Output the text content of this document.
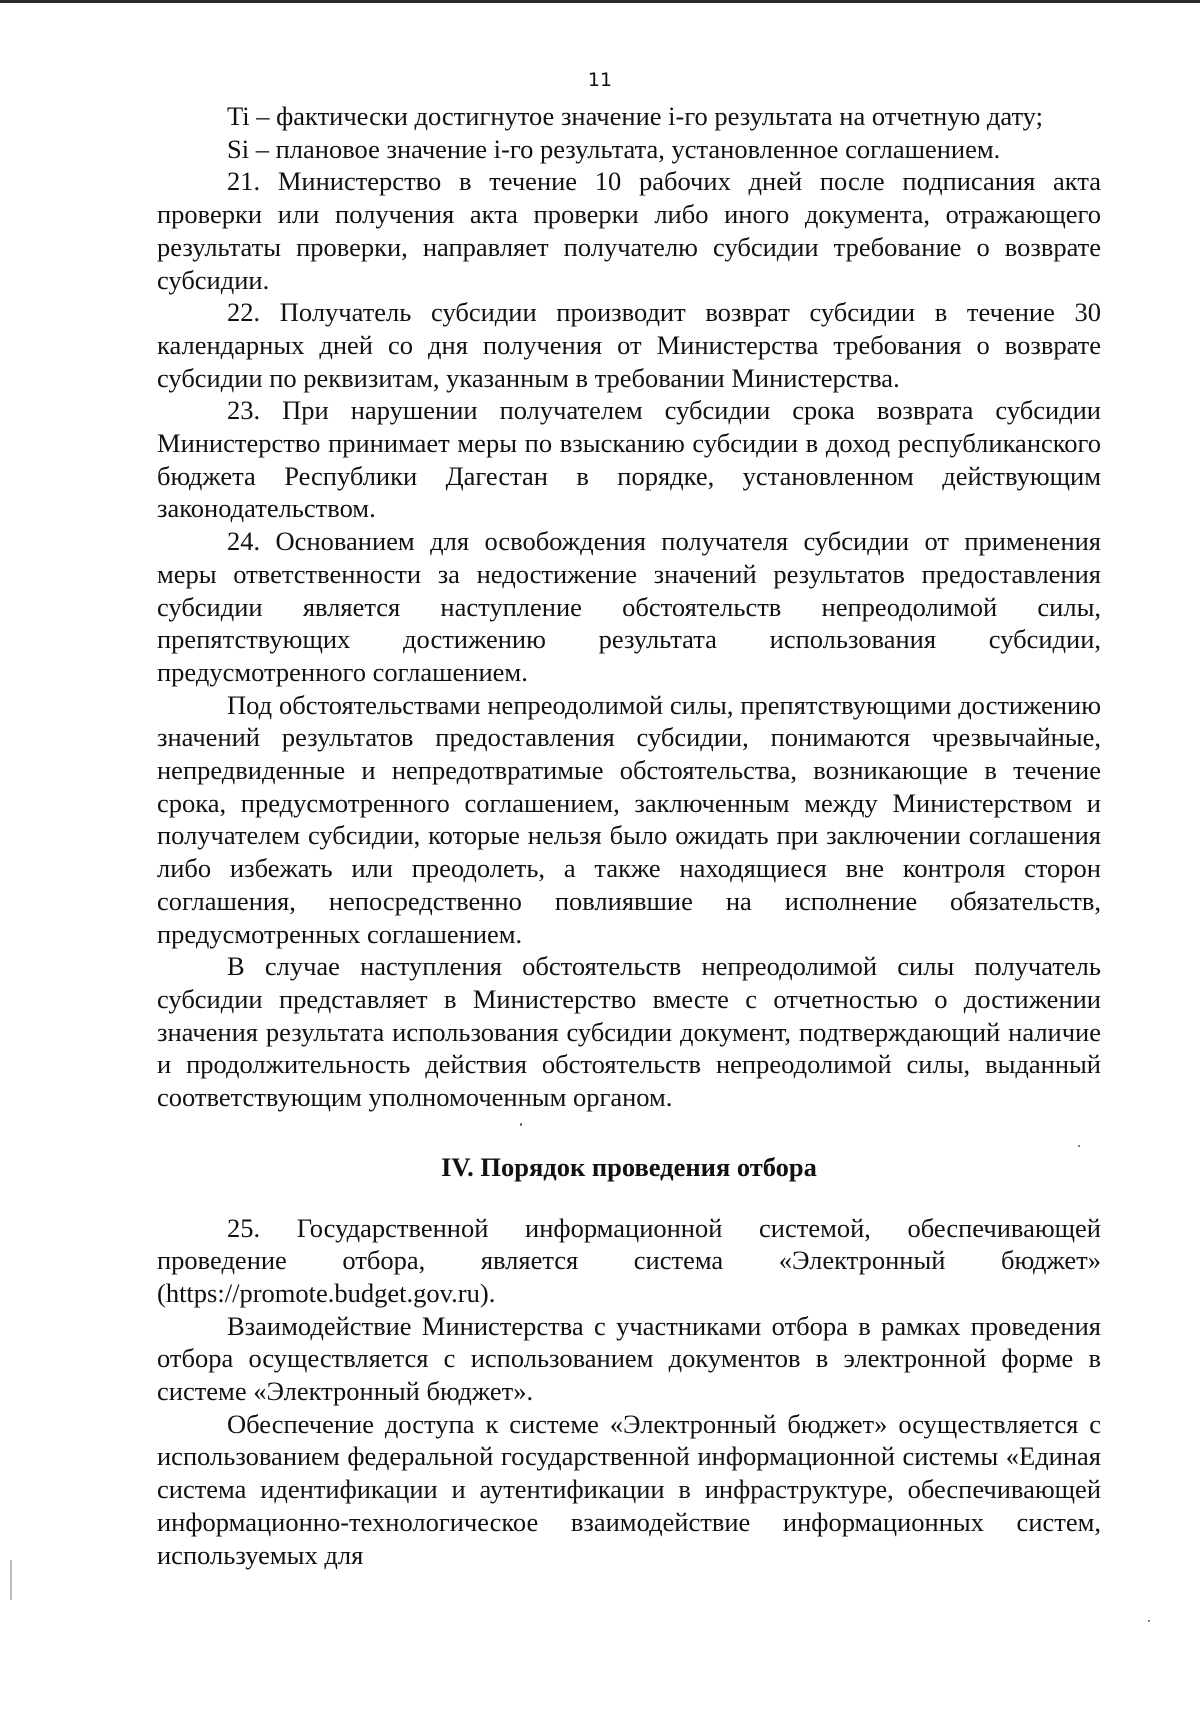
11

Ti – фактически достигнутое значение i-го результата на отчетную дату;

Si – плановое значение i-го результата, установленное соглашением.

21. Министерство в течение 10 рабочих дней после подписания акта проверки или получения акта проверки либо иного документа, отражающего результаты проверки, направляет получателю субсидии требование о возврате субсидии.

22. Получатель субсидии производит возврат субсидии в течение 30 календарных дней со дня получения от Министерства требования о возврате субсидии по реквизитам, указанным в требовании Министерства.

23. При нарушении получателем субсидии срока возврата субсидии Министерство принимает меры по взысканию субсидии в доход республиканского бюджета Республики Дагестан в порядке, установленном действующим законодательством.

24. Основанием для освобождения получателя субсидии от применения меры ответственности за недостижение значений результатов предоставления субсидии является наступление обстоятельств непреодолимой силы, препятствующих достижению результата использования субсидии, предусмотренного соглашением.

Под обстоятельствами непреодолимой силы, препятствующими достижению значений результатов предоставления субсидии, понимаются чрезвычайные, непредвиденные и непредотвратимые обстоятельства, возникающие в течение срока, предусмотренного соглашением, заключенным между Министерством и получателем субсидии, которые нельзя было ожидать при заключении соглашения либо избежать или преодолеть, а также находящиеся вне контроля сторон соглашения, непосредственно повлиявшие на исполнение обязательств, предусмотренных соглашением.

В случае наступления обстоятельств непреодолимой силы получатель субсидии представляет в Министерство вместе с отчетностью о достижении значения результата использования субсидии документ, подтверждающий наличие и продолжительность действия обстоятельств непреодолимой силы, выданный соответствующим уполномоченным органом.

IV. Порядок проведения отбора

25. Государственной информационной системой, обеспечивающей проведение отбора, является система «Электронный бюджет» (https://promote.budget.gov.ru).

Взаимодействие Министерства с участниками отбора в рамках проведения отбора осуществляется с использованием документов в электронной форме в системе «Электронный бюджет».

Обеспечение доступа к системе «Электронный бюджет» осуществляется с использованием федеральной государственной информационной системы «Единая система идентификации и аутентификации в инфраструктуре, обеспечивающей информационно-технологическое взаимодействие информационных систем, используемых для
